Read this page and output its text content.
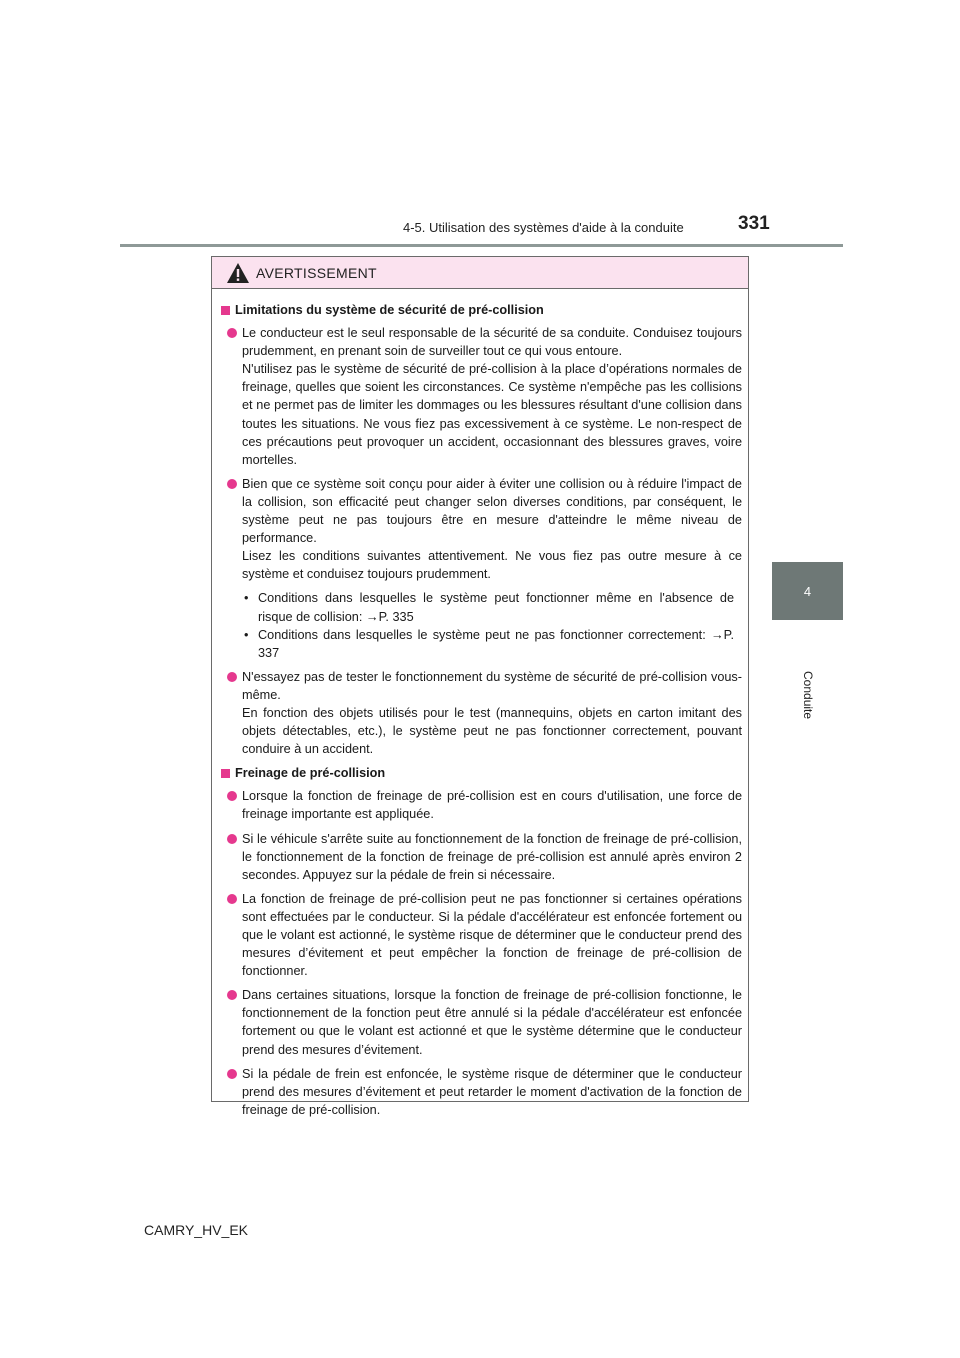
4-5. Utilisation des systèmes d'aide à la conduite	331
4
Conduite
AVERTISSEMENT
Limitations du système de sécurité de pré-collision
Le conducteur est le seul responsable de la sécurité de sa conduite. Conduisez toujours prudemment, en prenant soin de surveiller tout ce qui vous entoure.
N'utilisez pas le système de sécurité de pré-collision à la place d’opérations normales de freinage, quelles que soient les circonstances. Ce système n'empêche pas les collisions et ne permet pas de limiter les dommages ou les blessures résultant d'une collision dans toutes les situations. Ne vous fiez pas excessivement à ce système. Le non-respect de ces précautions peut provoquer un accident, occasionnant des blessures graves, voire mortelles.
Bien que ce système soit conçu pour aider à éviter une collision ou à réduire l'impact de la collision, son efficacité peut changer selon diverses conditions, par conséquent, le système peut ne pas toujours être en mesure d'atteindre le même niveau de performance.
Lisez les conditions suivantes attentivement. Ne vous fiez pas outre mesure à ce système et conduisez toujours prudemment.
• Conditions dans lesquelles le système peut fonctionner même en l'absence de risque de collision: →P. 335
• Conditions dans lesquelles le système peut ne pas fonctionner correctement: →P. 337
N'essayez pas de tester le fonctionnement du système de sécurité de pré-collision vous-même.
En fonction des objets utilisés pour le test (mannequins, objets en carton imitant des objets détectables, etc.), le système peut ne pas fonctionner correctement, pouvant conduire à un accident.
Freinage de pré-collision
Lorsque la fonction de freinage de pré-collision est en cours d'utilisation, une force de freinage importante est appliquée.
Si le véhicule s'arrête suite au fonctionnement de la fonction de freinage de pré-collision, le fonctionnement de la fonction de freinage de pré-collision est annulé après environ 2 secondes. Appuyez sur la pédale de frein si nécessaire.
La fonction de freinage de pré-collision peut ne pas fonctionner si certaines opérations sont effectuées par le conducteur. Si la pédale d'accélérateur est enfoncée fortement ou que le volant est actionné, le système risque de déterminer que le conducteur prend des mesures d’évitement et peut empêcher la fonction de freinage de pré-collision de fonctionner.
Dans certaines situations, lorsque la fonction de freinage de pré-collision fonctionne, le fonctionnement de la fonction peut être annulé si la pédale d'accélérateur est enfoncée fortement ou que le volant est actionné et que le système détermine que le conducteur prend des mesures d’évitement.
Si la pédale de frein est enfoncée, le système risque de déterminer que le conducteur prend des mesures d’évitement et peut retarder le moment d'activation de la fonction de freinage de pré-collision.
CAMRY_HV_EK
